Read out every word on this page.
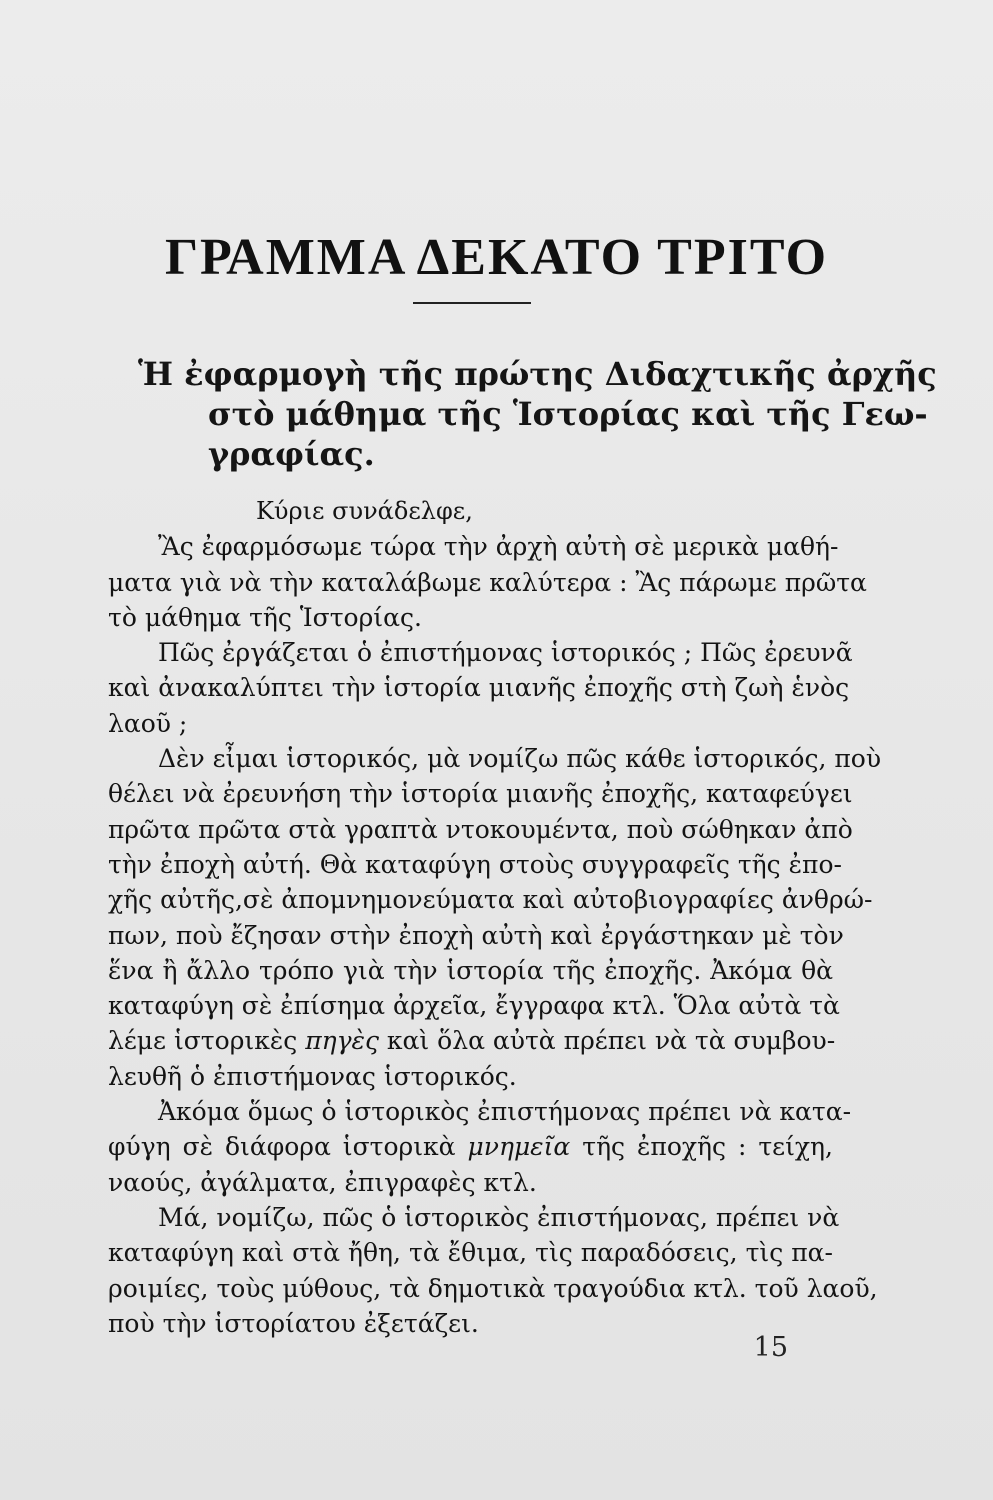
ΓΡΑΜΜΑ ΔΕΚΑΤΟ ΤΡΙΤΟ
Ἡ ἐφαρμογὴ τῆς πρώτης Διδαχτικῆς ἀρχῆς
στὸ μάθημα τῆς Ἱστορίας καὶ τῆς Γεω-
γραφίας.
Κύριε συνάδελφε,
Ἂς ἐφαρμόσωμε τώρα τὴν ἀρχὴ αὐτὴ σὲ μερικὰ μαθή-
ματα γιὰ νὰ τὴν καταλάβωμε καλύτερα : Ἂς πάρωμε πρῶτα
τὸ μάθημα τῆς Ἱστορίας.
Πῶς ἐργάζεται ὁ ἐπιστήμονας ἱστορικός ; Πῶς ἐρευνᾶ
καὶ ἀνακαλύπτει τὴν ἱστορία μιανῆς ἐποχῆς στὴ ζωὴ ἑνὸς
λαοῦ ;
Δὲν εἶμαι ἱστορικός, μὰ νομίζω πῶς κάθε ἱστορικός, ποὺ
θέλει νὰ ἐρευνήση τὴν ἱστορία μιανῆς ἐποχῆς, καταφεύγει
πρῶτα πρῶτα στὰ γραπτὰ ντοκουμέντα, ποὺ σώθηκαν ἀπὸ
τὴν ἐποχὴ αὐτή. Θὰ καταφύγη στοὺς συγγραφεῖς τῆς ἐπο-
χῆς αὐτῆς,σὲ ἀπομνημονεύματα καὶ αὐτοβιογραφίες ἀνθρώ-
πων, ποὺ ἔζησαν στὴν ἐποχὴ αὐτὴ καὶ ἐργάστηκαν μὲ τὸν
ἕνα ἢ ἄλλο τρόπο γιὰ τὴν ἱστορία τῆς ἐποχῆς. Ἀκόμα θὰ
καταφύγη σὲ ἐπίσημα ἀρχεῖα, ἔγγραφα κτλ. Ὅλα αὐτὰ τὰ
λέμε ἱστορικὲς πηγὲς καὶ ὅλα αὐτὰ πρέπει νὰ τὰ συμβου-
λευθῆ ὁ ἐπιστήμονας ἱστορικός.
Ἀκόμα ὅμως ὁ ἱστορικὸς ἐπιστήμονας πρέπει νὰ κατα-
φύγη σὲ διάφορα ἱστορικὰ μνημεῖα τῆς ἐποχῆς : τείχη,
ναούς, ἀγάλματα, ἐπιγραφὲς κτλ.
Μά, νομίζω, πῶς ὁ ἱστορικὸς ἐπιστήμονας, πρέπει νὰ
καταφύγη καὶ στὰ ἤθη, τὰ ἔθιμα, τὶς παραδόσεις, τὶς πα-
ροιμίες, τοὺς μύθους, τὰ δημοτικὰ τραγούδια κτλ. τοῦ λαοῦ,
ποὺ τὴν ἱστορίατου ἐξετάζει.
15
